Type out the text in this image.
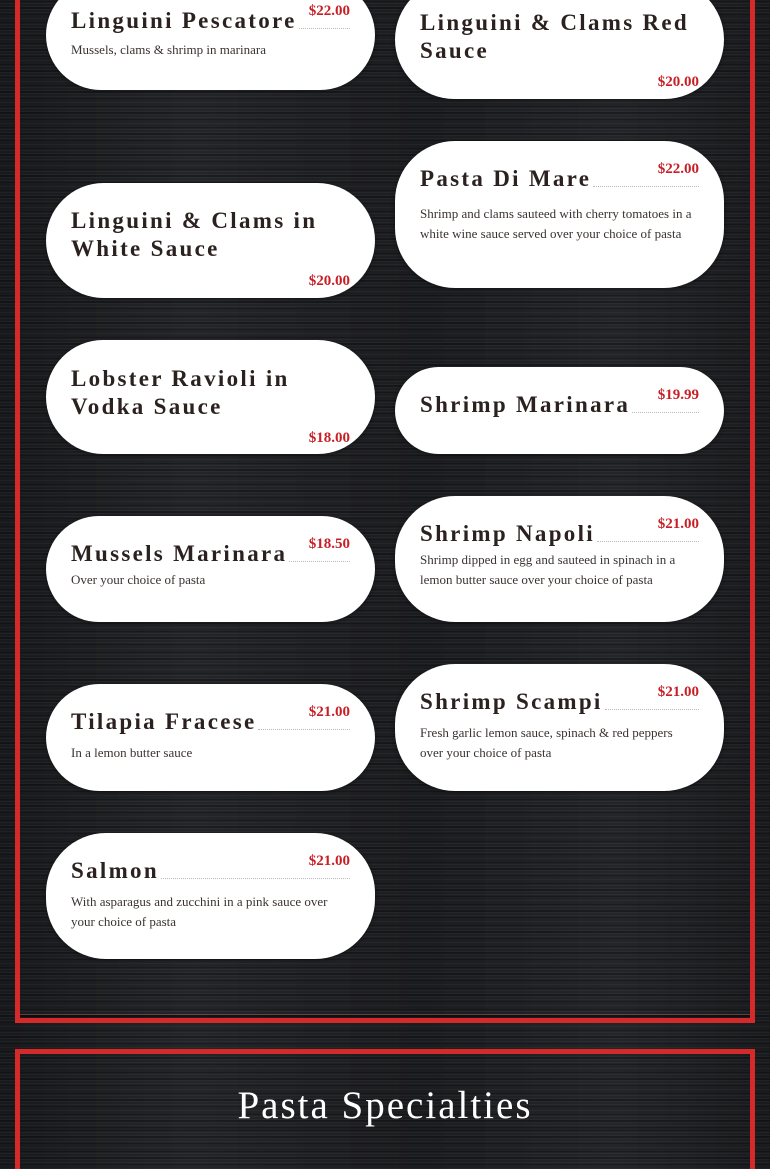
Linguini Pescatore $22.00
Mussels, clams & shrimp in marinara
Linguini & Clams in White Sauce
$20.00
Lobster Ravioli in Vodka Sauce
$18.00
Mussels Marinara $18.50
Over your choice of pasta
Tilapia Fracese	$21.00
In a lemon butter sauce
Salmon	$21.00
With asparagus and zucchini in a pink sauce over your choice of pasta
Linguini & Clams Red Sauce
$20.00
Pasta Di Mare	$22.00
Shrimp and clams sauteed with cherry tomatoes in a white wine sauce served over your choice of pasta
Shrimp Marinara $19.99
Shrimp Napoli	$21.00
Shrimp dipped in egg and sauteed in spinach in a lemon butter sauce over your choice of pasta
Shrimp Scampi	$21.00
Fresh garlic lemon sauce, spinach & red peppers over your choice of pasta
Pasta Specialties
